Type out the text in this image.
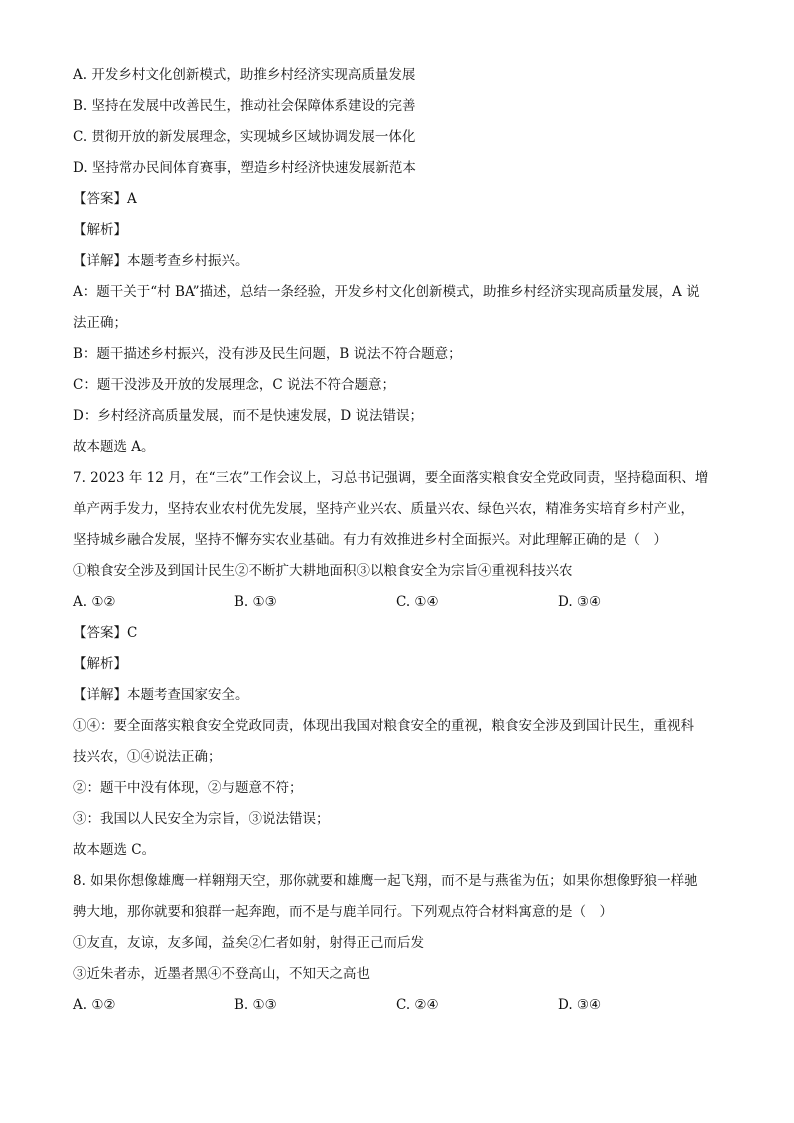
A. 开发乡村文化创新模式，助推乡村经济实现高质量发展
B. 坚持在发展中改善民生，推动社会保障体系建设的完善
C. 贯彻开放的新发展理念，实现城乡区域协调发展一体化
D. 坚持常办民间体育赛事，塑造乡村经济快速发展新范本
【答案】A
【解析】
【详解】本题考查乡村振兴。
A：题干关于“村 BA”描述，总结一条经验，开发乡村文化创新模式，助推乡村经济实现高质量发展，A 说
法正确；
B：题干描述乡村振兴，没有涉及民生问题，B 说法不符合题意；
C：题干没涉及开放的发展理念，C 说法不符合题意；
D：乡村经济高质量发展，而不是快速发展，D 说法错误；
故本题选 A。
7. 2023 年 12 月，在“三农”工作会议上，习总书记强调，要全面落实粮食安全党政同责，坚持稳面积、增
单产两手发力，坚持农业农村优先发展，坚持产业兴农、质量兴农、绿色兴农，精准务实培育乡村产业，
坚持城乡融合发展，坚持不懈夯实农业基础。有力有效推进乡村全面振兴。对此理解正确的是（　）
①粮食安全涉及到国计民生②不断扩大耕地面积③以粮食安全为宗旨④重视科技兴农
A. ①②	B. ①③	C. ①④	D. ③④
【答案】C
【解析】
【详解】本题考查国家安全。
①④：要全面落实粮食安全党政同责，体现出我国对粮食安全的重视，粮食安全涉及到国计民生，重视科
技兴农，①④说法正确；
②：题干中没有体现，②与题意不符；
③：我国以人民安全为宗旨，③说法错误；
故本题选 C。
8. 如果你想像雄鹰一样翱翔天空，那你就要和雄鹰一起飞翔，而不是与燕雀为伍；如果你想像野狼一样驰
骋大地，那你就要和狼群一起奔跑，而不是与鹿羊同行。下列观点符合材料寓意的是（　）
①友直，友谅，友多闻，益矣②仁者如射，射得正己而后发
③近朱者赤，近墨者黑④不登高山，不知天之高也
A. ①②	B. ①③	C. ②④	D. ③④
